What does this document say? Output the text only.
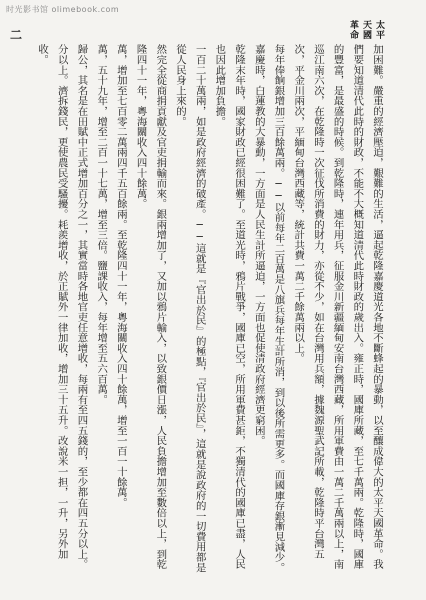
时光影书馆 olimebook.com
二	太平天國革命

加困難。嚴重的經濟壓迫，艱難的生活，逼起乾隆嘉慶道光各地不斷蜂起的暴動，以至釀成偉大的太平天國革命。我們要知道清代此時的財政，不能不大概知道清代此時財政的歲出入。雍正時，國庫所藏，至七千萬兩。乾隆時，國庫的豐富，是最盛的時候。到乾隆時，連年用兵，征服金川新疆緬甸安南台灣西藏，所用軍費由一萬二千萬兩以上，南巡江南六次，在乾隆時一次征伐所消費的財力，亦從不少，如在台灣用兵額，據魏源聖武記所載，乾隆時平台灣五次，平金川兩次，平緬甸台灣西藏等，統計共費一萬二千餘萬兩以上。

每年俸餉銀增加三百餘萬兩。──以前每年二百萬是八旗兵每年生計所消，到以後所需更多。而國庫存銀漸見減少。嘉慶時，白蓮教的大暴動，一方面是人民生計所逼迫，一方面也促使清政府經濟更窮困。

乾隆末年時，國家財政已經很困難了。至道光時，鴉片戰爭，國庫已空，所用軍費甚鉅，不獨清代的國庫已盡，人民也因此增加負擔。

一百二十萬兩，如是政府經濟的破產。──這就是『官出於民』的極點，『官出於民』，這就是說政府的一切費用都是從人民身上來的。

然完全從商捐貢獻及官吏捐輸而來。銀兩增加了，又加以鴉片輸入，以致銀價日漲，人民負擔增加至數倍以上，到乾隆四十一年，粵海關收入四十餘萬。

萬，增加至七百零二萬兩四千五百餘兩。至乾隆四十一年，粵海關收入四十餘萬，增至一百一十餘萬。

萬，五十九年，增至二百一十七萬，增至三倍。鹽課收入，每年增至五六百萬。

歸公，其名是在田賦中正式增加百分之一，其實當時各地官吏任意增收，每兩有至四五錢的，至少都在四五分以上。

分以上。濟拆錢民，更使農民受騷擾。耗羨增收，於正賦外一律加收，增加三十五升。改說米一担，一升，另外加收。
